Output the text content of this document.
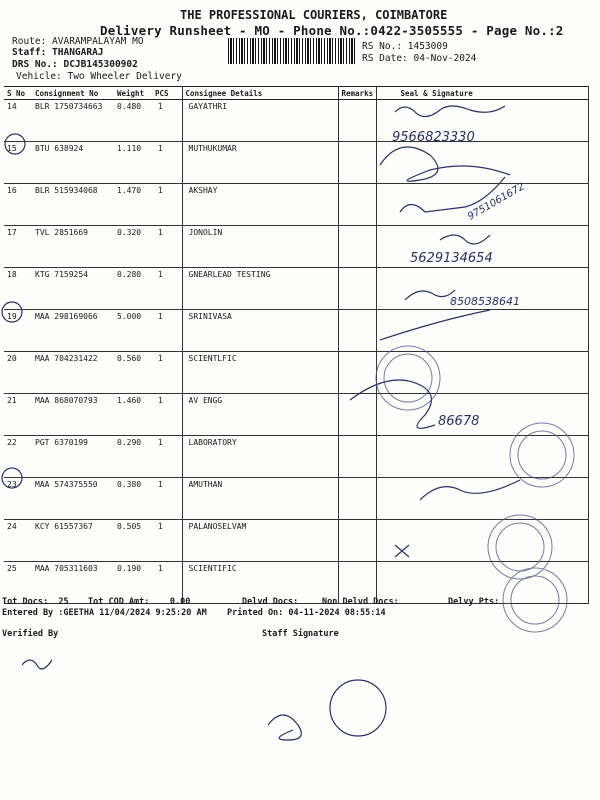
THE PROFESSIONAL COURIERS, COIMBATORE
Delivery Runsheet - MO - Phone No.:0422-3505555 - Page No.:2
Route: AVARAMPALAYAM MO
Staff: THANGARAJ
DRS No.: DCJB145300902
Vehicle: Two Wheeler Delivery
RS No.: 1453009
RS Date: 04-Nov-2024
S No	Consignment No	Weight	PCS	Consignee Details	Remarks	Seal & Signature
14	BLR 1750734663	0.480	1	GAYATHRI		
15	BTU 638924	1.110	1	MUTHUKUMAR		
16	BLR 515934068	1.470	1	AKSHAY		
17	TVL 2851669	0.320	1	JONOLIN		
18	KTG 7159254	0.280	1	GNEARLEAD TESTING		
19	MAA 298169066	5.000	1	SRINIVASA		
20	MAA 704231422	0.560	1	SCIENTLFIC		
21	MAA 868070793	1.460	1	AV ENGG		
22	PGT 6370199	0.290	1	LABORATORY		
23	MAA 574375550	0.380	1	AMUTHAN		
24	KCY 61557367	0.505	1	PALANOSELVAM		
25	MAA 705311603	0.190	1	SCIENTIFIC		
9566823330
9751061672
5629134654
8508538641
86678
Tot Docs: 25 Tot COD Amt: 0.00	Delvd Docs:	Non Delvd Docs:	Delvy Pts:
Entered By :GEETHA 11/04/2024 9:25:20 AM Printed On: 04-11-2024 08:55:14
Verified By	Staff Signature
